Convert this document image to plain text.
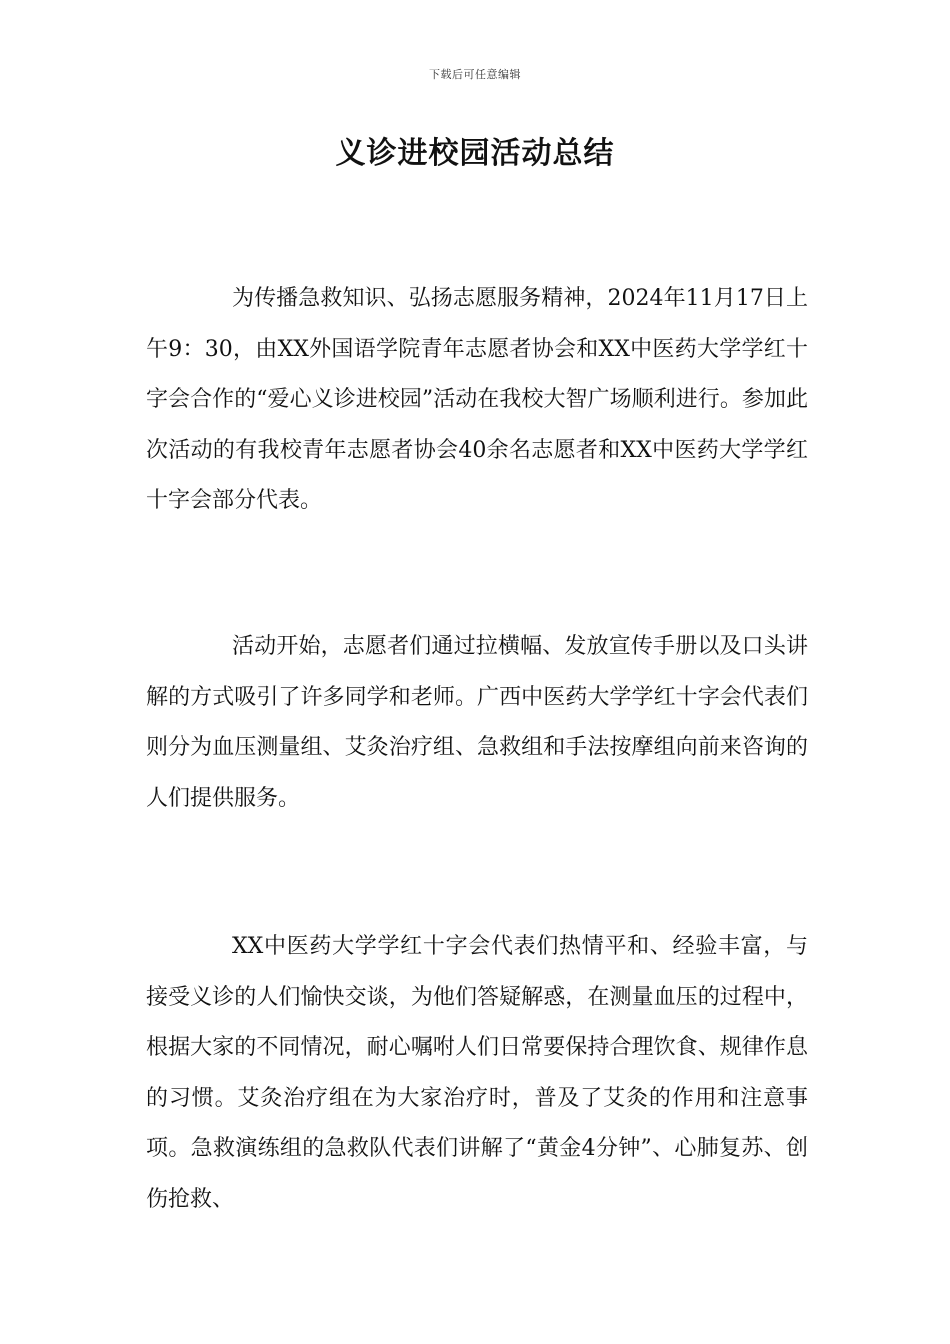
下载后可任意编辑
义诊进校园活动总结

为传播急救知识、弘扬志愿服务精神，2024年11月17日上午9：30，由XX外国语学院青年志愿者协会和XX中医药大学学红十字会合作的“爱心义诊进校园”活动在我校大智广场顺利进行。参加此次活动的有我校青年志愿者协会40余名志愿者和XX中医药大学学红十字会部分代表。

活动开始，志愿者们通过拉横幅、发放宣传手册以及口头讲解的方式吸引了许多同学和老师。广西中医药大学学红十字会代表们则分为血压测量组、艾灸治疗组、急救组和手法按摩组向前来咨询的人们提供服务。

XX中医药大学学红十字会代表们热情平和、经验丰富，与接受义诊的人们愉快交谈，为他们答疑解惑，在测量血压的过程中，根据大家的不同情况，耐心嘱咐人们日常要保持合理饮食、规律作息的习惯。艾灸治疗组在为大家治疗时，普及了艾灸的作用和注意事项。急救演练组的急救队代表们讲解了“黄金4分钟”、心肺复苏、创伤抢救、
